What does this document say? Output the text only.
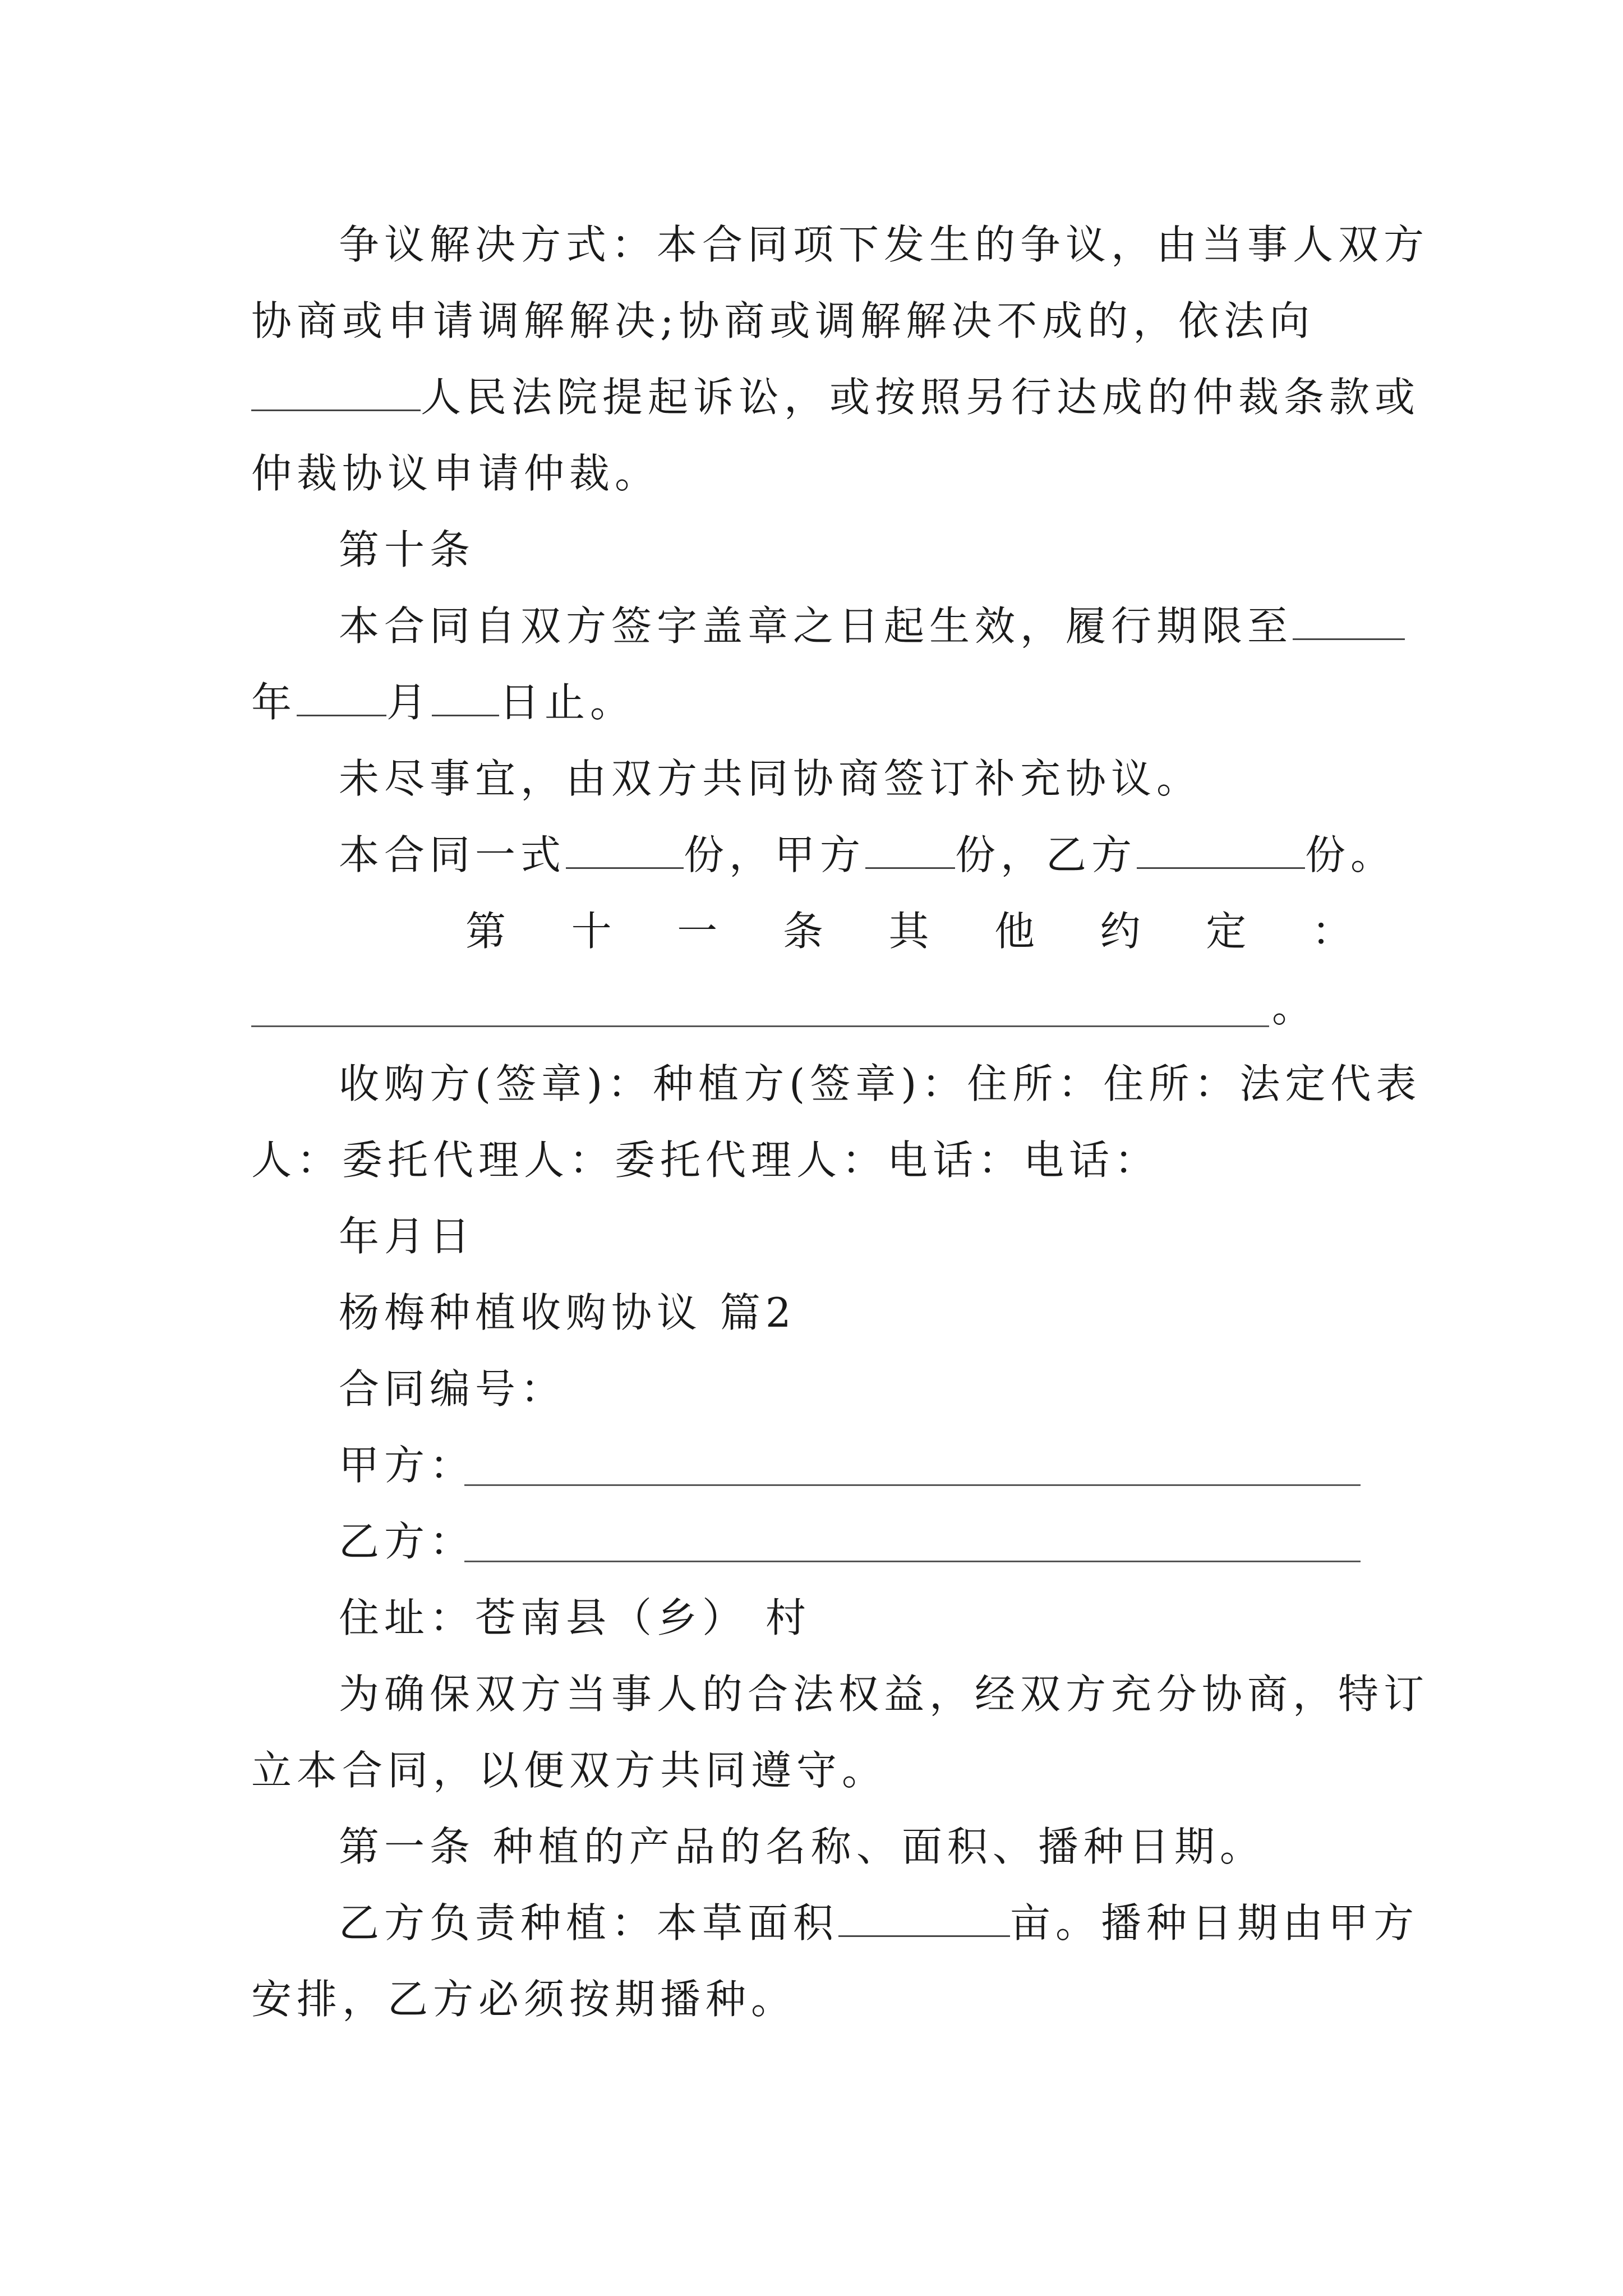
争议解决方式：本合同项下发生的争议，由当事人双方
协商或申请调解解决;协商或调解解决不成的，依法向
人民法院提起诉讼，或按照另行达成的仲裁条款或
仲裁协议申请仲裁。
第十条
本合同自双方签字盖章之日起生效，履行期限至
年 月 日止。
未尽事宜，由双方共同协商签订补充协议。
本合同一式	份，甲方 份，乙方	份。
第 十 一 条 其 他 约 定 ：
。
收购方(签章)：种植方(签章)：住所：住所：法定代表
人：委托代理人：委托代理人：电话：电话：
年月日
杨梅种植收购协议 篇2
合同编号：
甲方：
乙方：
住址：苍南县（乡） 村
为确保双方当事人的合法权益，经双方充分协商，特订
立本合同，以便双方共同遵守。
第一条 种植的产品的名称、面积、播种日期。
乙方负责种植：本草面积	亩。播种日期由甲方
安排，乙方必须按期播种。
